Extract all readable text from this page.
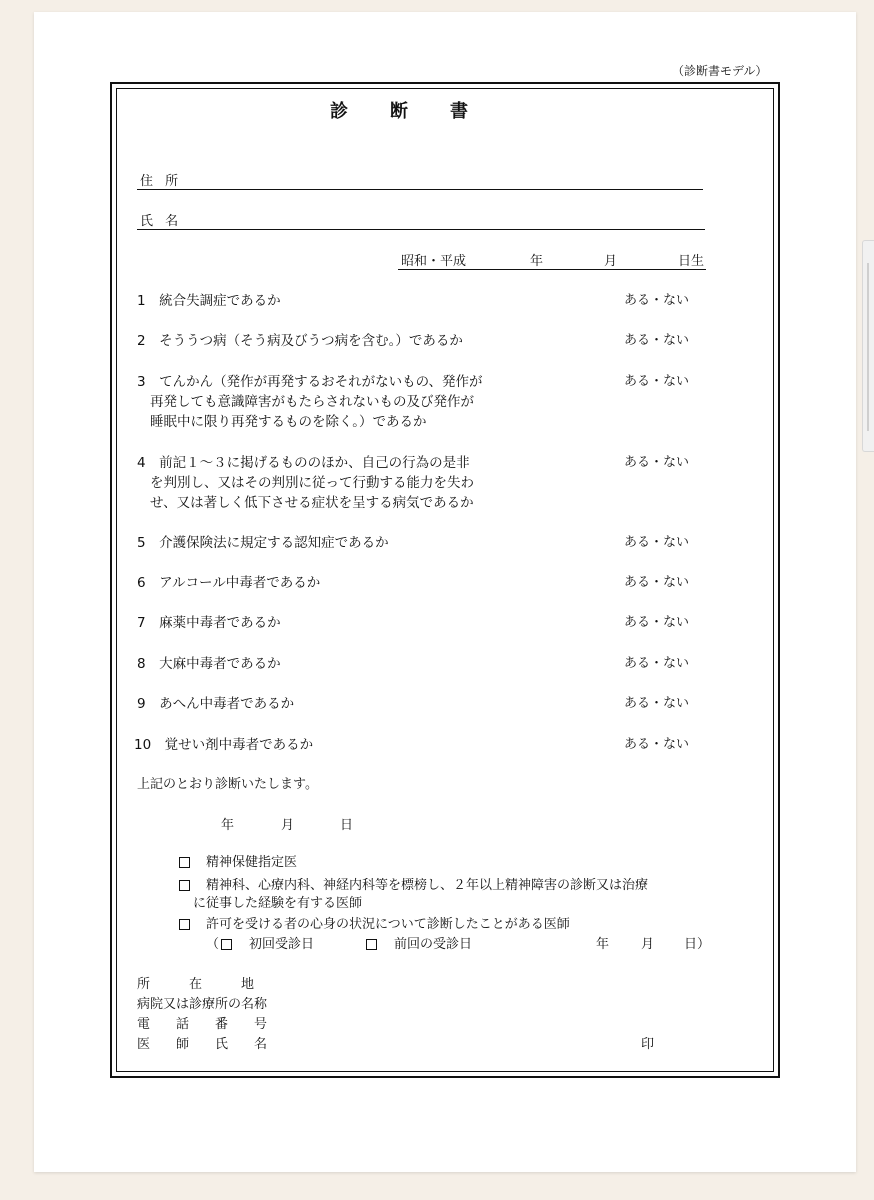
（診断書モデル）
診　　断　　書
住 所
氏 名
昭和・平成	年	月	日生
1　統合失調症であるか	ある・ない
2　そううつ病（そう病及びうつ病を含む。）であるか	ある・ない
3　てんかん（発作が再発するおそれがないもの、発作が
再発しても意識障害がもたらされないもの及び発作が
睡眠中に限り再発するものを除く。）であるか
ある・ない
4　前記１～３に掲げるもののほか、自己の行為の是非
を判別し、又はその判別に従って行動する能力を失わ
せ、又は著しく低下させる症状を呈する病気であるか
ある・ない
5　介護保険法に規定する認知症であるか	ある・ない
6　アルコール中毒者であるか	ある・ない
7　麻薬中毒者であるか	ある・ない
8　大麻中毒者であるか	ある・ない
9　あへん中毒者であるか	ある・ない
10　覚せい剤中毒者であるか	ある・ない
上記のとおり診断いたします。
年	月	日
精神保健指定医
精神科、心療内科、神経内科等を標榜し、２年以上精神障害の診断又は治療
に従事した経験を有する医師
許可を受ける者の心身の状況について診断したことがある医師
（ 初回受診日	前回の受診日	年 月 日）
所　　　在　　　地
病院又は診療所の名称
電　　話　　番　　号
医　　師　　氏　　名	印
